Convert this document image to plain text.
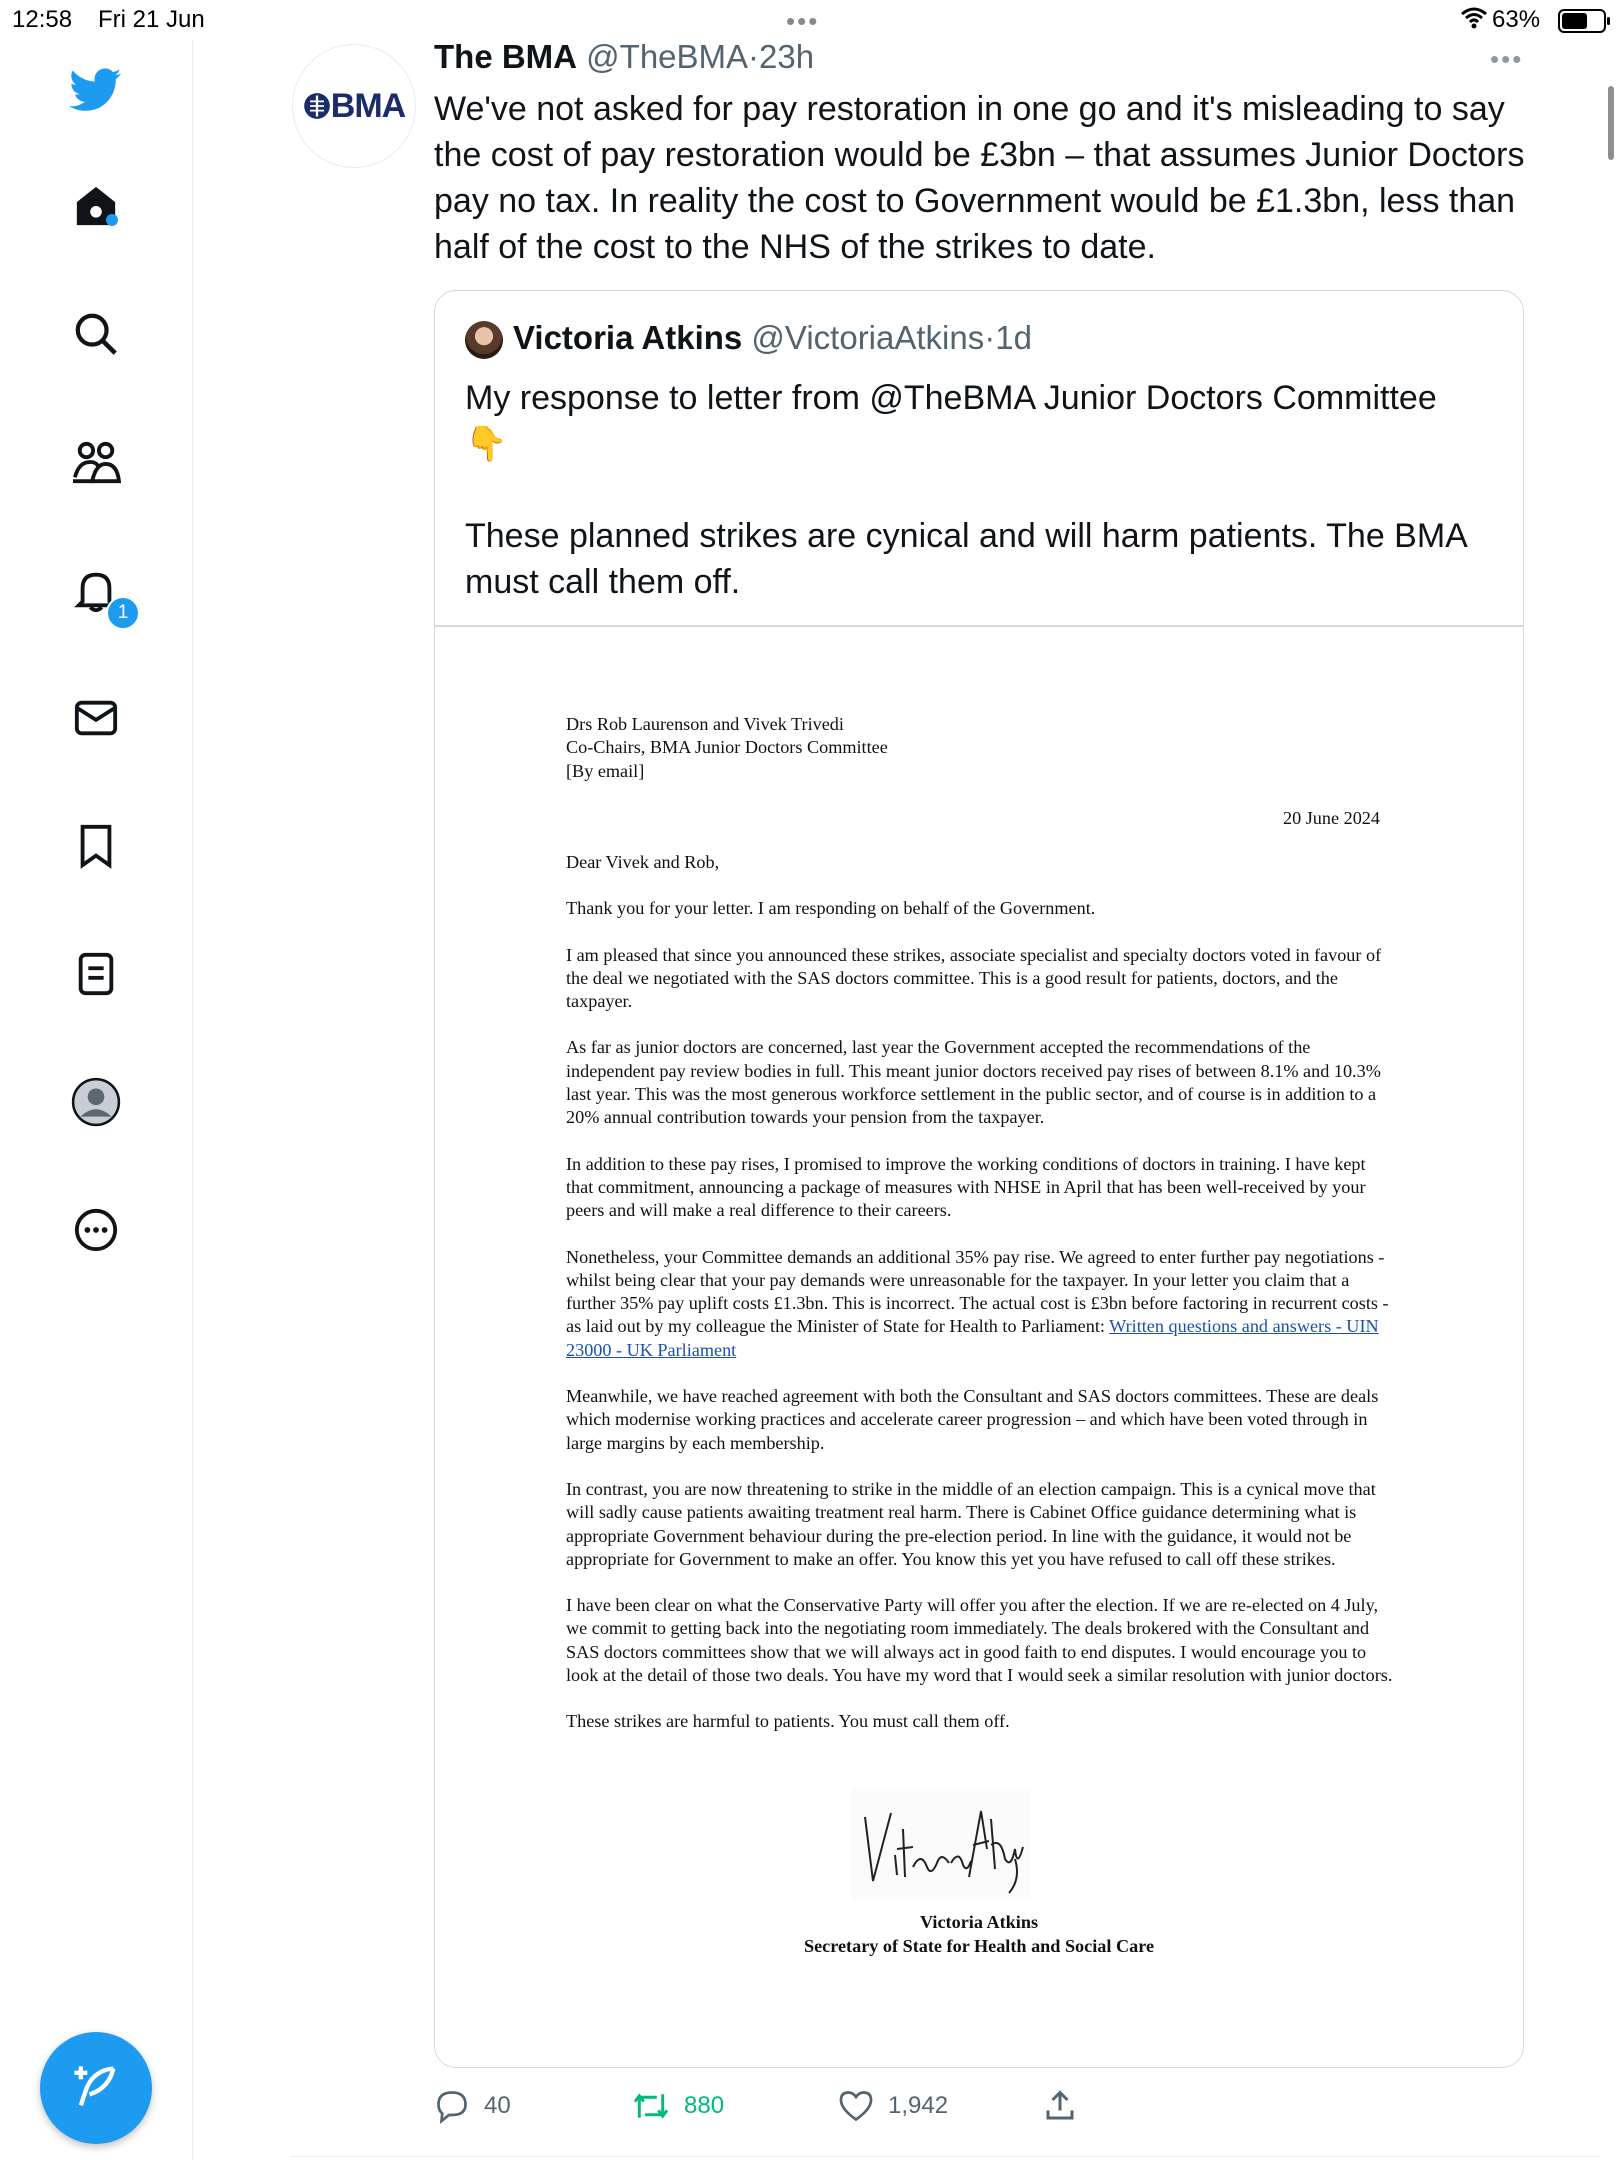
12:58 Fri 21 Jun	•••	63%
1
BMA
The BMA @TheBMA·23h	•••
We've not asked for pay restoration in one go and it's misleading to say the cost of pay restoration would be £3bn – that assumes Junior Doctors pay no tax. In reality the cost to Government would be £1.3bn, less than half of the cost to the NHS of the strikes to date.
Victoria Atkins @VictoriaAtkins·1d

My response to letter from @TheBMA Junior Doctors Committee

👇

These planned strikes are cynical and will harm patients. The BMA must call them off.

Drs Rob Laurenson and Vivek Trivedi
Co-Chairs, BMA Junior Doctors Committee
[By email]
20 June 2024

Dear Vivek and Rob,

Thank you for your letter. I am responding on behalf of the Government.

I am pleased that since you announced these strikes, associate specialist and specialty doctors voted in favour of the deal we negotiated with the SAS doctors committee. This is a good result for patients, doctors, and the taxpayer.

As far as junior doctors are concerned, last year the Government accepted the recommendations of the independent pay review bodies in full. This meant junior doctors received pay rises of between 8.1% and 10.3% last year. This was the most generous workforce settlement in the public sector, and of course is in addition to a 20% annual contribution towards your pension from the taxpayer.

In addition to these pay rises, I promised to improve the working conditions of doctors in training. I have kept that commitment, announcing a package of measures with NHSE in April that has been well-received by your peers and will make a real difference to their careers.

Nonetheless, your Committee demands an additional 35% pay rise. We agreed to enter further pay negotiations - whilst being clear that your pay demands were unreasonable for the taxpayer. In your letter you claim that a further 35% pay uplift costs £1.3bn. This is incorrect. The actual cost is £3bn before factoring in recurrent costs - as laid out by my colleague the Minister of State for Health to Parliament: Written questions and answers - UIN 23000 - UK Parliament

Meanwhile, we have reached agreement with both the Consultant and SAS doctors committees. These are deals which modernise working practices and accelerate career progression – and which have been voted through in large margins by each membership.

In contrast, you are now threatening to strike in the middle of an election campaign. This is a cynical move that will sadly cause patients awaiting treatment real harm. There is Cabinet Office guidance determining what is appropriate Government behaviour during the pre-election period. In line with the guidance, it would not be appropriate for Government to make an offer. You know this yet you have refused to call off these strikes.

I have been clear on what the Conservative Party will offer you after the election. If we are re-elected on 4 July, we commit to getting back into the negotiating room immediately. The deals brokered with the Consultant and SAS doctors committees show that we will always act in good faith to end disputes. I would encourage you to look at the detail of those two deals. You have my word that I would seek a similar resolution with junior doctors.

These strikes are harmful to patients. You must call them off.

Victoria Atkins
Secretary of State for Health and Social Care
40	880	1,942
